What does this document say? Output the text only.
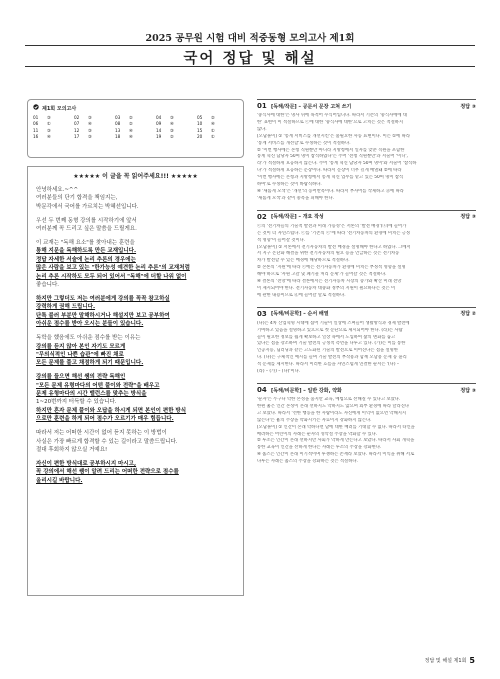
2025 공무원 시험 대비 적중동형 모의고사 제1회
국어 정답 및 해설
제1회 모의고사
01	③	02	③	03	②	04	③	05	②
06	①	07	④	08	②	09	④	10	④
11	③	12	③	13	④	14	③	15	①
16	④	17	③	18	④	19	②	20	①
★★★★★ 이 글을 꼭 읽어주세요!!! ★★★★★
안녕하세요.~^^
여러분들의 단기 합격을 책임지는,
박문각에서 국어를 가르치는 박혜선입니다.
우선 두 번째 동형 강의를 시작하기에 앞서
여러분께 꼭 드리고 싶은 말씀을 드릴게요.
이 교재는 "독해 요소"를 찾아내는 훈련을
통해 지문을 독해하도록 만든 교재입니다.
정답 자세한 서술에 논리 추론의 경우에는
많은 사람을 보고 있는 "한가능성 예견한 논리 추론"의 교재처럼
논리 추론 시작하도 모두 되어 있어서 "독해"에 더할 나위 없이
좋습니다.
하지만 그렇더도 저는 여러분에게 강의를 꼭꼭 참고하실
강력하게 권해 드립니다.
단톡 불러 부분만 말해하시거나 해설지만 보고 공부하여
아쉬운 점수를 받아 오시는 분들이 있습니다.
독학을 했음에도 아쉬운 점수를 받는 이유는
강의를 듣지 않아 본인 자기도 모르게
"무의식적인 나쁜 습관"에 빠진 채로
모든 문제를 풀고 채점하게 되기 때문입니다.
강의를 들으면 해선 쌤의 전략 독해인
"모든 문제 유형마다의 어떤 풀이와 전략"을 배우고
문제 유형마다의 시간 밸런스를 맞추는 방식을
1~20번까지 터득할 수 있습니다.
하지만 혼자 문제 풀이와 오답을 하시게 되면 본인이 편한 방식
으로만 훈련을 하게 되어 점수가 오르기가 매우 힘듭니다.
따라서 저는 어떠한 시간이 없어 듣지 못하는 이 방법이
사실은 가장 빠르게 합격할 수 있는 길이라고 말씀드립니다.
절대 후회하지 않으실 거예요!
자신이 편한 방식대로 공부하시지 마시고,
꼭 강의에서 해선 쌤이 알려 드리는 어떠한 전략으로 점수를
올리시길 바랍니다.
01 [독해/작문] – 공문서 문장 고쳐 쓰기	정답 ③
'중식사에 대한'은 명사 뒤에 목적어 수식어입니다. 따라서 기존의 '중식사에에 대
한' 표현이 이 적절하므로 ⓒ에 대한 '중식사에 대한'으로 고치는 것은 적절하지
않다.
[오답풀이] ① '통계 서비스를 개선시킨'은 불필요한 사동 표현이다. 이는 ①에 따라
'통계 서비스를 개선할'로 수정하는 것이 적절하다.
② '이번 행사에는 본청 직원뿐만 아니라 지방청에서 일자를 맞춘 직원을 포함한
통계 혁신 담당자 50여 명이 참석하였다'는 주어 '전청 직원뿐만'과 서술어 '이니',
라'가 적절하게 호응하지 않는다. 주어 '통계 혁신 담당자 50여 명이'와 서술어 '참석하
다'가 적절하게 호응하는 문장이다. 따라서 문장이 너무 길게 배열돼 ②에 따라
'이번 행사에는 본청과 지방청에서 통계 혁신 업무를 맡고 있는 50여 명이 참석
하여'로 수정하는 것이 바람직하다.
④ '새롭게 모색'은 '개선'의 동어반복이다. 따라서 부사어를 삭제하고 ⓓ에 따라
'새롭게 모색'과 같이 중복을 피해야 한다.
02 [독해/작문] – 개요 작성	정답 ③
ⓒ의 '전기차들의 기술적 발전과 미래 가능성'은 서론의 '발전 배경'(ⓐ)에 들어가
는 것이 더 자연스럽다. ⓒ를 '기존의 ⓒ'에 따라 '전기차동차의 환경에 미치는 긍정
적 영향'이 들어갈 것이다.
[오답풀이] ① 서론에서 전기자동차의 발전 배경을 설명해야 한다고 하였다. 그에서
서 지구 온난화 해결을 위한 전기자동차의 필요 등을 언급하는 것은 전기차동
차가 발전할 수 있는 배경에 해당하므로 적절하다.
② 본론의 '지원'에 따라 ⓒ에는 전기자동차가 환경에 미치는 부정적 영향을 설명
해야 하므로 '자원 고갈 및 폐기물 처리 문제'가 들어갈 것은 적절하다.
④ 결론의 '전망'에 따라 결론에서는 전기자동차 시장의 증가와 확산 미래 전망
이 제시되어야 한다. 전기자동차 대중화 정부의 지원이 필요하다는 것은 이
에 관한 내용이므로 ⓓ에 들어갈 말로 적절하다.
03 [독해/비문학] – 순서 배열	정답 ②
(나)는 4차 산업혁명 시대에 접어 기술이 일상에 스며들어 생활방식과 경제 발전에
기여하고 있음을 설명하고 있으므로 첫 문단으로 제시되어야 한다. (라)는 사람
들이 필요한 정보를 쉽게 확보하고 일상 속에서 도입하여 삶의 변화를 돕고
있다는 점을 강조하며 기술 발전의 긍정적 측면을 다루고 있다. (가)는 이를 통한
인공지능, 딥러닝과 같은 고도화된 기술의 발전으로 이어진다는 점을 설명한
다. (다)는 구체적인 예시를 들며 기술 발전의 부작용과 함께 오남용 문제 등 윤리
적 문제를 제시한다. 따라서 이러한 흐름을 자연스럽게 연결한 순서는 '(나) –
(라) – (가) – (다)'이다.
04 [독해/비문학] – 일반 강화, 약화	정답 ③
'순자'는 누구나 악한 본성을 품지만 교육, 예법으로 선해질 수 있다고 보았다.
한편 흄은 인간 본성이 본래 선하지도 악하지도 않으며 외부 환경에 따라 달라진다
고 보았다. 따라서 '선한 행동을 한 사람이라도 자신에게 이익이 없으면 악해지지
않는다'는 흄의 주장을 약화시키는 자료이지 강화하지 않는다.
[오답풀이] ① 인간이 본래 악하다면 남에 대한 배려를 기대할 수 없다. 따라서 타인을
배려하는 어린이의 사례는 순자의 성악설 주장을 약화할 수 있다.
② 루소는 인간이 본래 선하지만 사회가 악하게 만든다고 보았다. 따라서 사회 개혁을
통한 교육이 인간을 선하게 한다는 사례는 루소의 주장을 강화한다.
④ 홉스는 인간이 본래 이기적이며 투쟁하는 존재라 보았다. 따라서 이익을 위해 서로
다투는 사례는 홉스의 주장을 강화하는 것은 적절하다.
정답 및 해설 제1회 5
